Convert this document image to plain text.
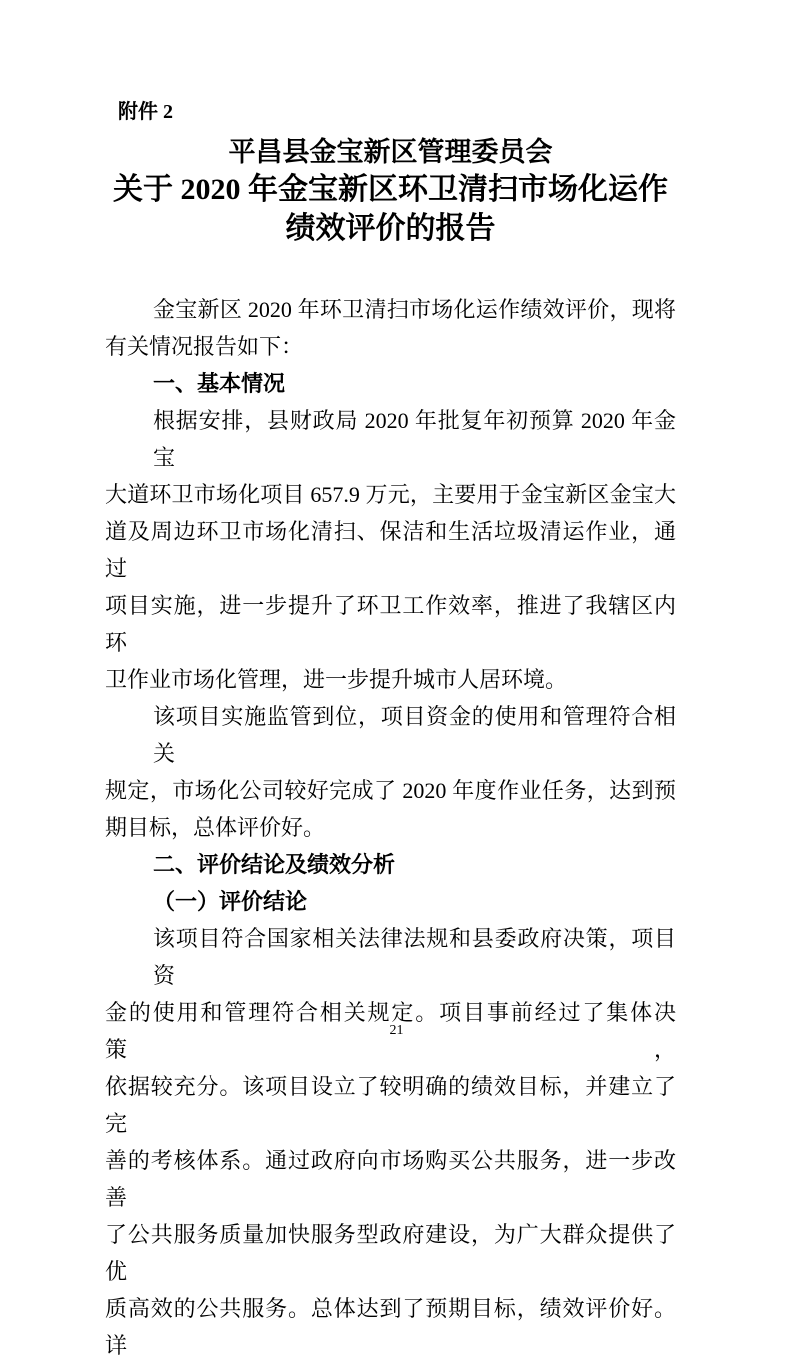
附件 2
平昌县金宝新区管理委员会
关于 2020 年金宝新区环卫清扫市场化运作
绩效评价的报告
金宝新区 2020 年环卫清扫市场化运作绩效评价，现将
有关情况报告如下：
一、基本情况
根据安排，县财政局 2020 年批复年初预算 2020 年金宝
大道环卫市场化项目 657.9 万元，主要用于金宝新区金宝大
道及周边环卫市场化清扫、保洁和生活垃圾清运作业，通过
项目实施，进一步提升了环卫工作效率，推进了我辖区内环
卫作业市场化管理，进一步提升城市人居环境。
该项目实施监管到位，项目资金的使用和管理符合相关
规定，市场化公司较好完成了 2020 年度作业任务，达到预
期目标，总体评价好。
二、评价结论及绩效分析
（一）评价结论
该项目符合国家相关法律法规和县委政府决策，项目资
金的使用和管理符合相关规定。项目事前经过了集体决策，
依据较充分。该项目设立了较明确的绩效目标，并建立了完
善的考核体系。通过政府向市场购买公共服务，进一步改善
了公共服务质量加快服务型政府建设，为广大群众提供了优
质高效的公共服务。总体达到了预期目标，绩效评价好。详
21
